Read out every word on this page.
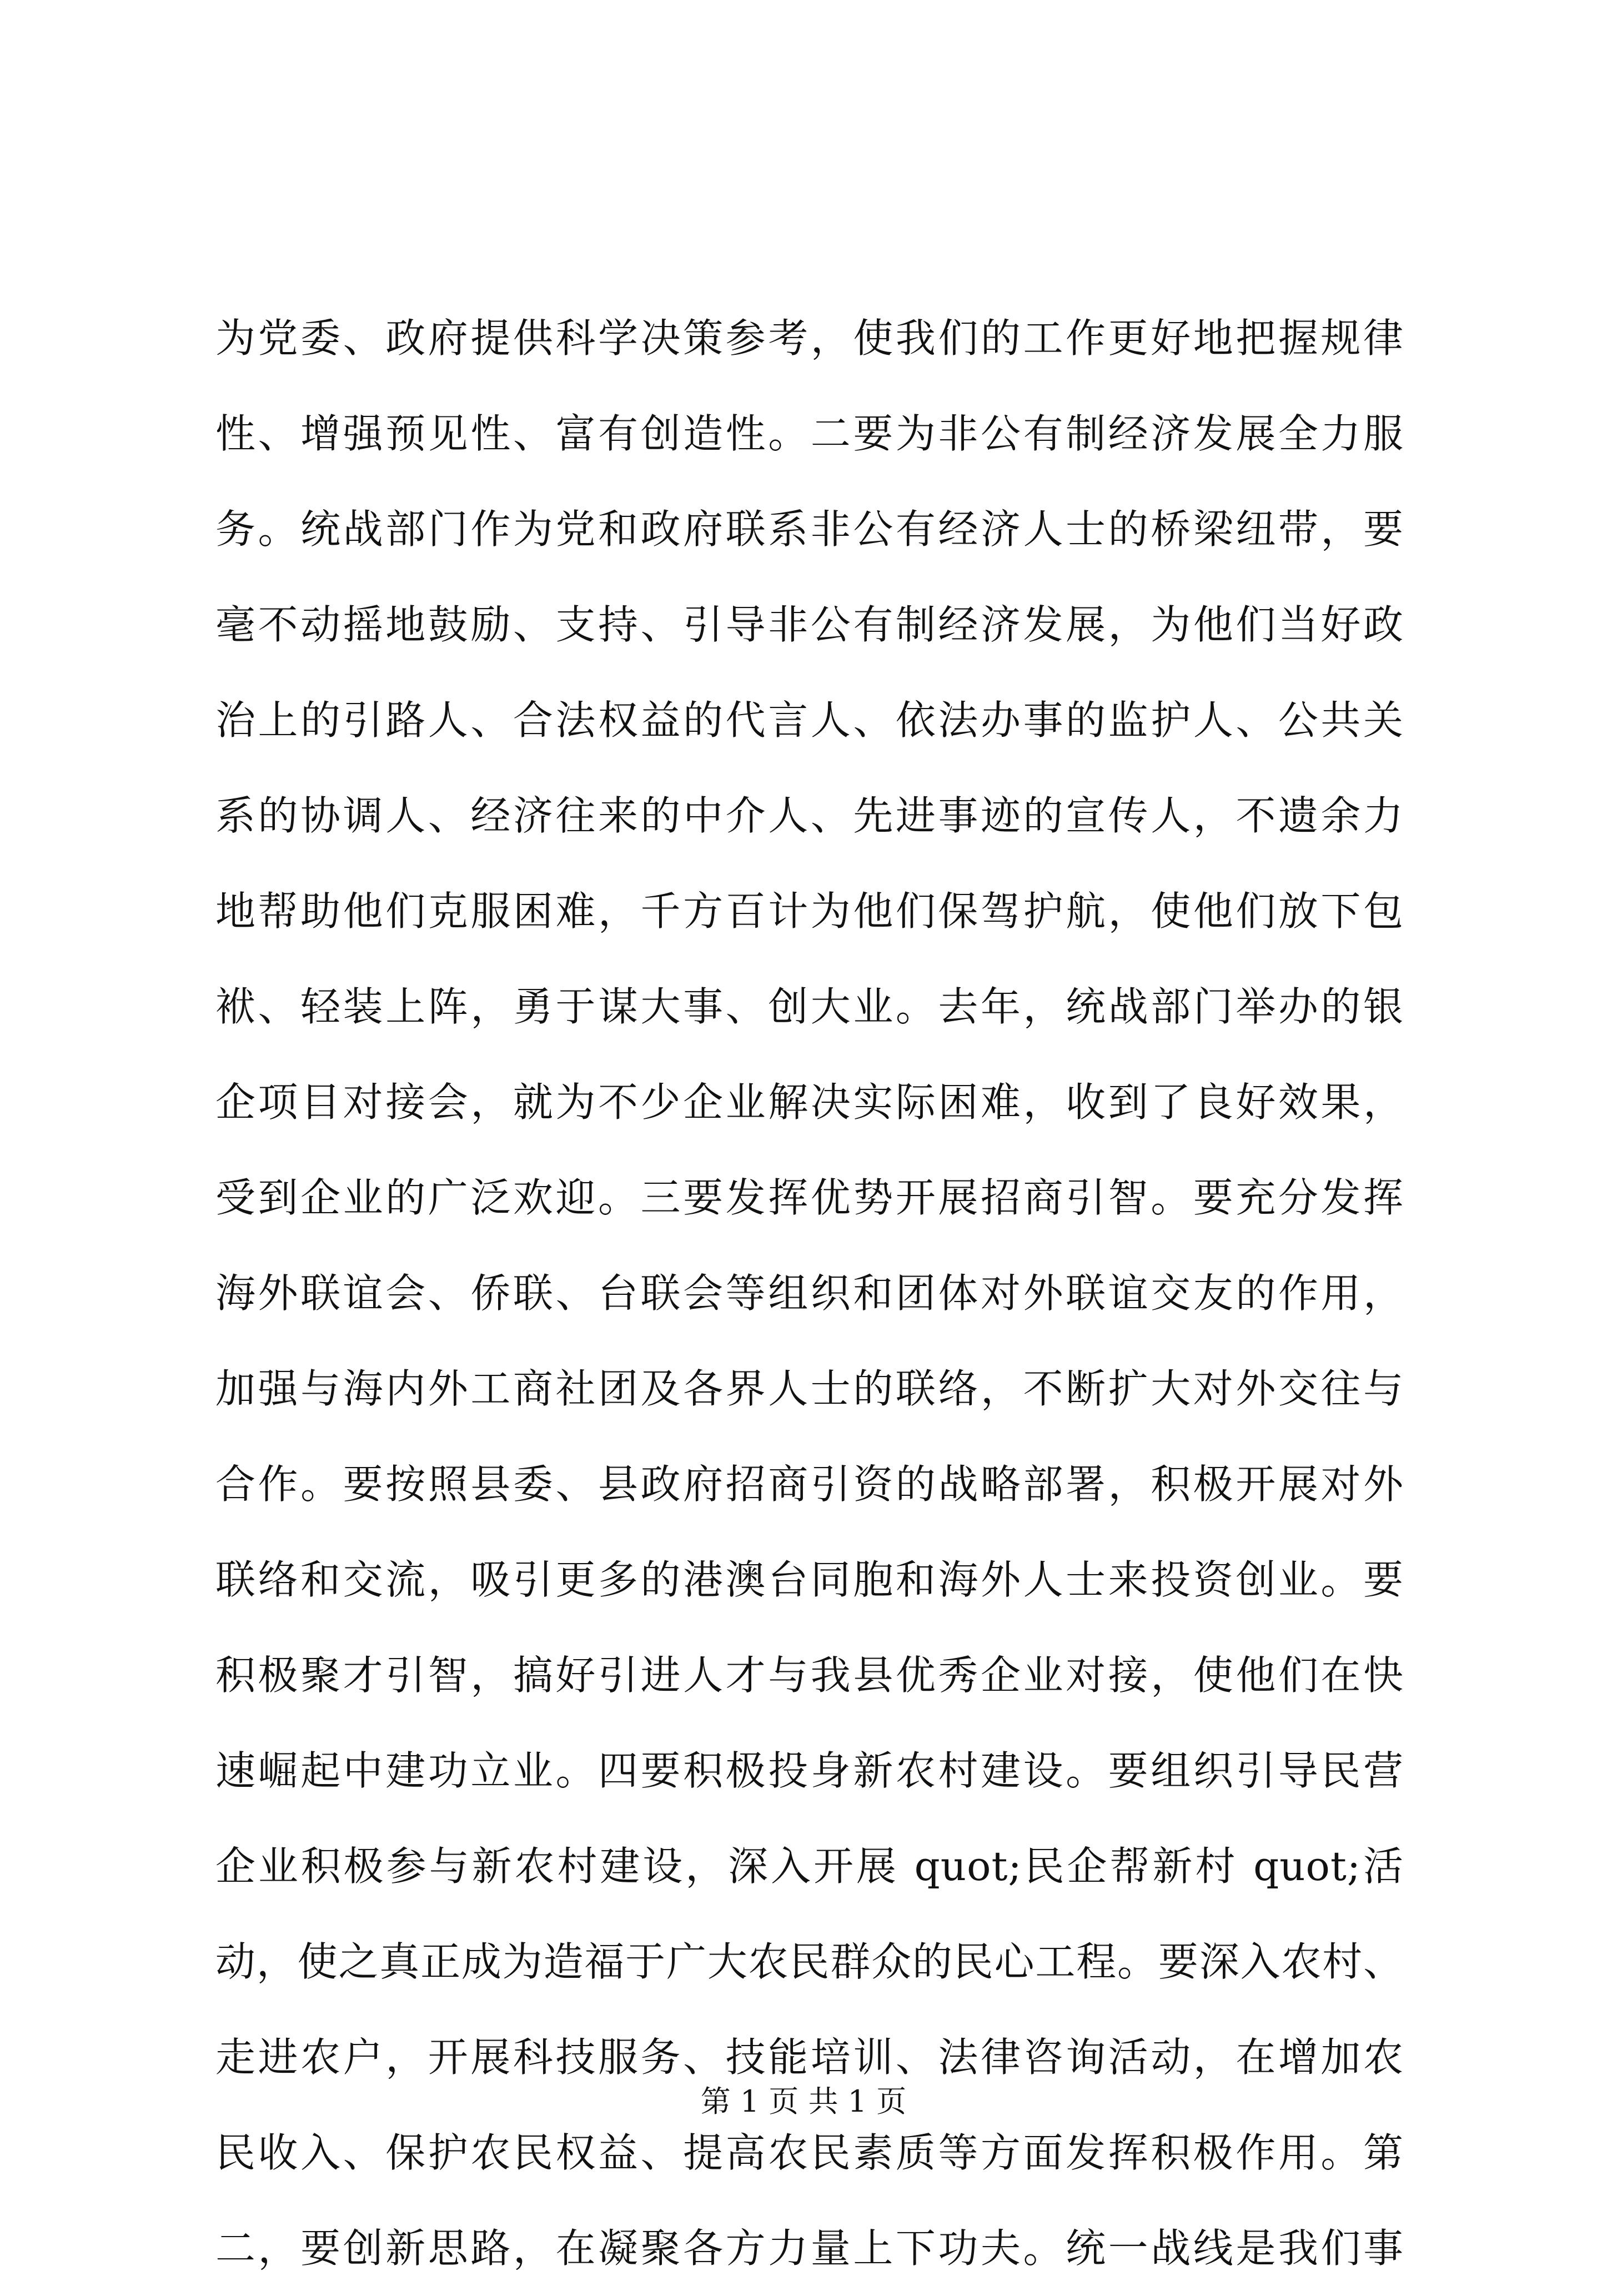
为党委、政府提供科学决策参考，使我们的工作更好地把握规律
性、增强预见性、富有创造性。二要为非公有制经济发展全力服
务。统战部门作为党和政府联系非公有经济人士的桥梁纽带，要
毫不动摇地鼓励、支持、引导非公有制经济发展，为他们当好政
治上的引路人、合法权益的代言人、依法办事的监护人、公共关
系的协调人、经济往来的中介人、先进事迹的宣传人，不遗余力
地帮助他们克服困难，千方百计为他们保驾护航，使他们放下包
袱、轻装上阵，勇于谋大事、创大业。去年，统战部门举办的银
企项目对接会，就为不少企业解决实际困难，收到了良好效果，
受到企业的广泛欢迎。三要发挥优势开展招商引智。要充分发挥
海外联谊会、侨联、台联会等组织和团体对外联谊交友的作用，
加强与海内外工商社团及各界人士的联络，不断扩大对外交往与
合作。要按照县委、县政府招商引资的战略部署，积极开展对外
联络和交流，吸引更多的港澳台同胞和海外人士来投资创业。要
积极聚才引智，搞好引进人才与我县优秀企业对接，使他们在快
速崛起中建功立业。四要积极投身新农村建设。要组织引导民营
企业积极参与新农村建设，深入开展 quot;民企帮新村 quot;活
动，使之真正成为造福于广大农民群众的民心工程。要深入农村、
走进农户，开展科技服务、技能培训、法律咨询活动，在增加农
民收入、保护农民权益、提高农民素质等方面发挥积极作用。第
二，要创新思路，在凝聚各方力量上下功夫。统一战线是我们事
第 1 页 共 1 页
